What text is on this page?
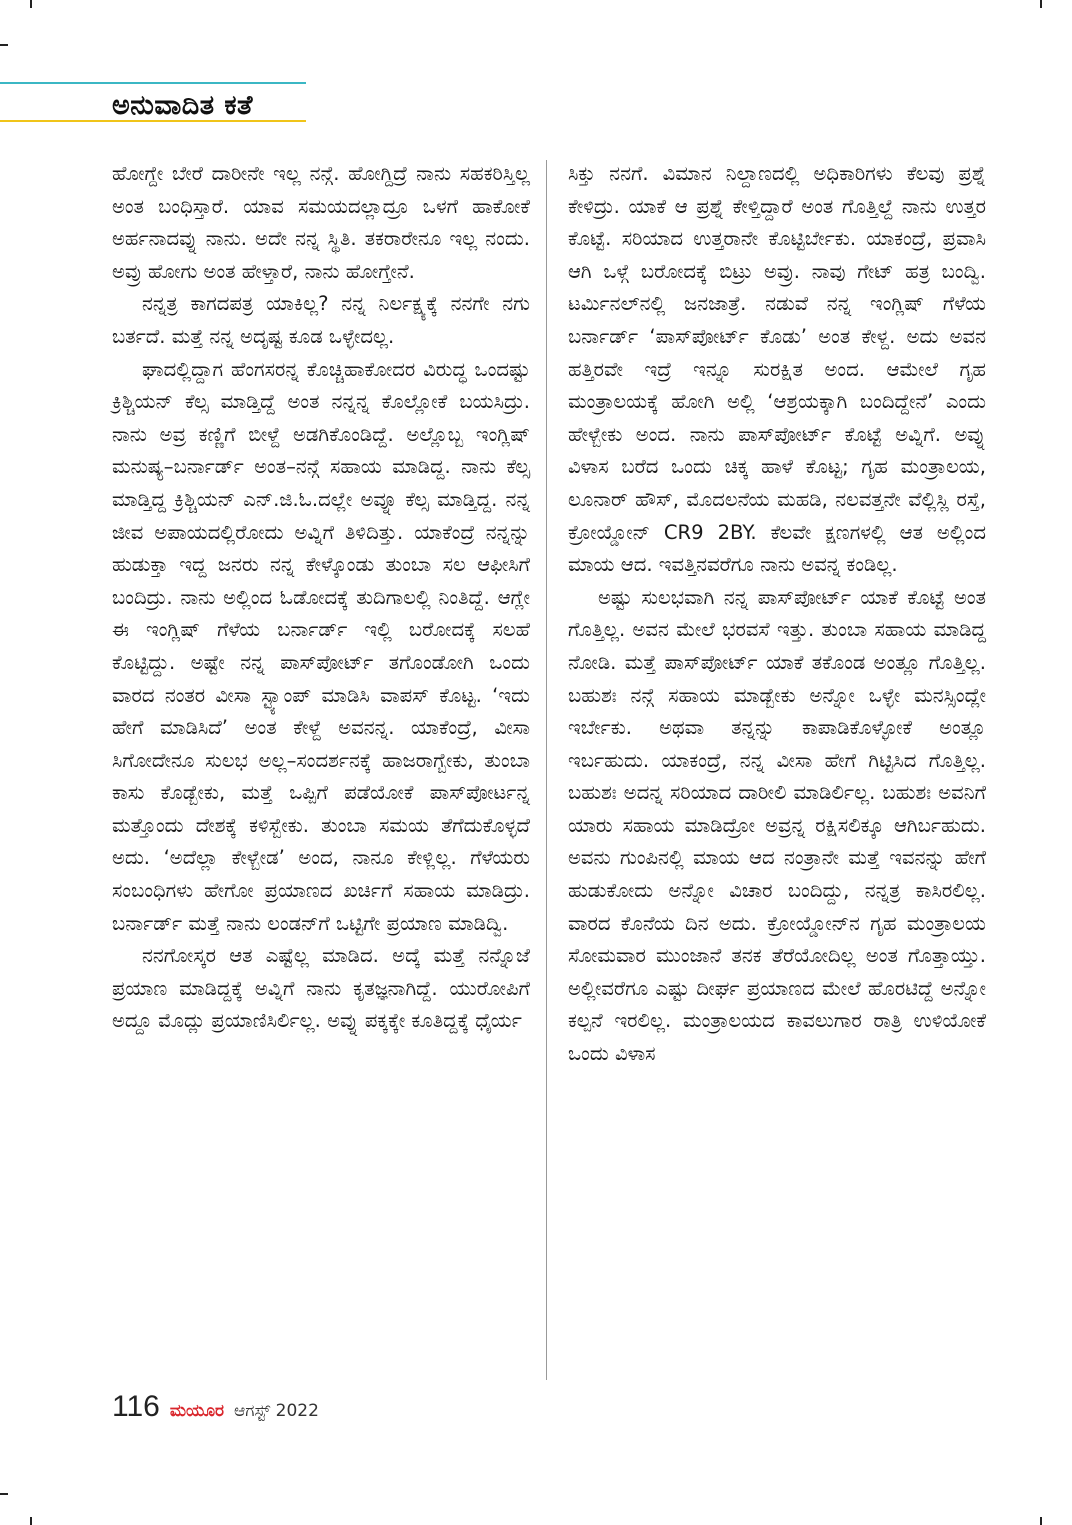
ಅನುವಾದಿತ ಕತೆ

ಹೋಗ್ದೇ ಬೇರೆ ದಾರೀನೇ ಇಲ್ಲ ನನ್ಗೆ. ಹೋಗ್ದಿದ್ರೆ ನಾನು ಸಹಕರಿಸ್ತಿಲ್ಲ ಅಂತ ಬಂಧಿಸ್ತಾರೆ. ಯಾವ ಸಮಯದಲ್ಲಾದ್ರೂ ಒಳಗೆ ಹಾಕೋಕೆ ಅರ್ಹನಾದವ್ನು ನಾನು. ಅದೇ ನನ್ನ ಸ್ಥಿತಿ. ತಕರಾರೇನೂ ಇಲ್ಲ ನಂದು. ಅವ್ರು ಹೋಗು ಅಂತ ಹೇಳ್ತಾರೆ, ನಾನು ಹೋಗ್ತೇನೆ.

ನನ್ನತ್ರ ಕಾಗದಪತ್ರ ಯಾಕಿಲ್ಲ? ನನ್ನ ನಿರ್ಲಕ್ಷ್ಯಕ್ಕೆ ನನಗೇ ನಗು ಬರ್ತದೆ. ಮತ್ತೆ ನನ್ನ ಅದೃಷ್ಟ ಕೂಡ ಒಳ್ಳೇದಲ್ಲ.

ಘಾದಲ್ಲಿದ್ದಾಗ ಹೆಂಗಸರನ್ನ ಕೊಚ್ಚಿಹಾಕೋದರ ವಿರುದ್ಧ ಒಂದಷ್ಟು ಕ್ರಿಶ್ಚಿಯನ್ ಕೆಲ್ಸ ಮಾಡ್ತಿದ್ದೆ ಅಂತ ನನ್ನನ್ನ ಕೊಲ್ಲೋಕೆ ಬಯಸಿದ್ರು. ನಾನು ಅವ್ರ ಕಣ್ಣಿಗೆ ಬೀಳ್ದೆ ಅಡಗಿಕೊಂಡಿದ್ದೆ. ಅಲ್ಲೊಬ್ಬ ಇಂಗ್ಲಿಷ್ ಮನುಷ್ಯ–ಬರ್ನಾರ್ಡ್ ಅಂತ–ನನ್ಗೆ ಸಹಾಯ ಮಾಡಿದ್ದ. ನಾನು ಕೆಲ್ಸ ಮಾಡ್ತಿದ್ದ ಕ್ರಿಶ್ಚಿಯನ್ ಎನ್.ಜಿ.ಓ.ದಲ್ಲೇ ಅವ್ನೂ ಕೆಲ್ಸ ಮಾಡ್ತಿದ್ದ. ನನ್ನ ಜೀವ ಅಪಾಯದಲ್ಲಿರೋದು ಅವ್ನಿಗೆ ತಿಳಿದಿತ್ತು. ಯಾಕೆಂದ್ರೆ ನನ್ನನ್ನು ಹುಡುಕ್ತಾ ಇದ್ದ ಜನರು ನನ್ನ ಕೇಳ್ಕೊಂಡು ತುಂಬಾ ಸಲ ಆಫೀಸಿಗೆ ಬಂದಿದ್ರು. ನಾನು ಅಲ್ಲಿಂದ ಓಡೋದಕ್ಕೆ ತುದಿಗಾಲಲ್ಲಿ ನಿಂತಿದ್ದೆ. ಆಗ್ಲೇ ಈ ಇಂಗ್ಲಿಷ್ ಗೆಳೆಯ ಬರ್ನಾರ್ಡ್ ಇಲ್ಲಿ ಬರೋದಕ್ಕೆ ಸಲಹೆ ಕೊಟ್ಟಿದ್ದು. ಅಷ್ಟೇ ನನ್ನ ಪಾಸ್‌ಪೋರ್ಟ್ ತಗೊಂಡೋಗಿ ಒಂದು ವಾರದ ನಂತರ ವೀಸಾ ಸ್ಟ್ಯಾಂಪ್ ಮಾಡಿಸಿ ವಾಪಸ್ ಕೊಟ್ಟ. ‘ಇದು ಹೇಗೆ ಮಾಡಿಸಿದೆ’ ಅಂತ ಕೇಳ್ದೆ ಅವನನ್ನ. ಯಾಕೆಂದ್ರೆ, ವೀಸಾ ಸಿಗೋದೇನೂ ಸುಲಭ ಅಲ್ಲ–ಸಂದರ್ಶನಕ್ಕೆ ಹಾಜರಾಗ್ಬೇಕು, ತುಂಬಾ ಕಾಸು ಕೊಡ್ಬೇಕು, ಮತ್ತೆ ಒಪ್ಪಿಗೆ ಪಡೆಯೋಕೆ ಪಾಸ್‌ಪೋರ್ಟನ್ನ ಮತ್ತೊಂದು ದೇಶಕ್ಕೆ ಕಳಿಸ್ಬೇಕು. ತುಂಬಾ ಸಮಯ ತೆಗೆದುಕೊಳ್ಳದೆ ಅದು. ‘ಅದೆಲ್ಲಾ ಕೇಳ್ಬೇಡ’ ಅಂದ, ನಾನೂ ಕೇಳ್ಲಿಲ್ಲ. ಗೆಳೆಯರು ಸಂಬಂಧಿಗಳು ಹೇಗೋ ಪ್ರಯಾಣದ ಖರ್ಚಿಗೆ ಸಹಾಯ ಮಾಡಿದ್ರು. ಬರ್ನಾರ್ಡ್ ಮತ್ತೆ ನಾನು ಲಂಡನ್‌ಗೆ ಒಟ್ಟಿಗೇ ಪ್ರಯಾಣ ಮಾಡಿದ್ವಿ.

ನನಗೋಸ್ಕರ ಆತ ಎಷ್ಟೆಲ್ಲ ಮಾಡಿದ. ಅದ್ಕೆ ಮತ್ತೆ ನನ್ನೊಜೆ ಪ್ರಯಾಣ ಮಾಡಿದ್ದಕ್ಕೆ ಅವ್ನಿಗೆ ನಾನು ಕೃತಜ್ಞನಾಗಿದ್ದೆ. ಯುರೋಪಿಗೆ ಅದ್ದೂ ಮೊದ್ಲು ಪ್ರಯಾಣಿಸಿರ್ಲಿಲ್ಲ. ಅವ್ನು ಪಕ್ಕಕ್ಕೇ ಕೂತಿದ್ದಕ್ಕೆ ಧೈರ್ಯ

ಸಿಕ್ತು ನನಗೆ. ವಿಮಾನ ನಿಲ್ದಾಣದಲ್ಲಿ ಅಧಿಕಾರಿಗಳು ಕೆಲವು ಪ್ರಶ್ನೆ ಕೇಳಿದ್ರು. ಯಾಕೆ ಆ ಪ್ರಶ್ನೆ ಕೇಳ್ತಿದ್ದಾರೆ ಅಂತ ಗೊತ್ತಿಲ್ದೆ ನಾನು ಉತ್ತರ ಕೊಟ್ಟೆ. ಸರಿಯಾದ ಉತ್ತರಾನೇ ಕೊಟ್ಟಿರ್ಬೇಕು. ಯಾಕಂದ್ರೆ, ಪ್ರವಾಸಿ ಆಗಿ ಒಳ್ಗೆ ಬರೋದಕ್ಕೆ ಬಿಟ್ರು ಅವ್ರು. ನಾವು ಗೇಟ್ ಹತ್ರ ಬಂದ್ವಿ. ಟರ್ಮಿನಲ್‌ನಲ್ಲಿ ಜನಜಾತ್ರೆ. ನಡುವೆ ನನ್ನ ಇಂಗ್ಲಿಷ್ ಗೆಳೆಯ ಬರ್ನಾರ್ಡ್ ‘ಪಾಸ್‌ಪೋರ್ಟ್ ಕೊಡು’ ಅಂತ ಕೇಳ್ದ. ಅದು ಅವನ ಹತ್ತಿರವೇ ಇದ್ರೆ ಇನ್ನೂ ಸುರಕ್ಷಿತ ಅಂದ. ಆಮೇಲೆ ಗೃಹ ಮಂತ್ರಾಲಯಕ್ಕೆ ಹೋಗಿ ಅಲ್ಲಿ ‘ಆಶ್ರಯಕ್ಕಾಗಿ ಬಂದಿದ್ದೇನೆ’ ಎಂದು ಹೇಳ್ಬೇಕು ಅಂದ. ನಾನು ಪಾಸ್‌ಪೋರ್ಟ್ ಕೊಟ್ಟೆ ಅವ್ನಿಗೆ. ಅವ್ನು ವಿಳಾಸ ಬರೆದ ಒಂದು ಚಿಕ್ಕ ಹಾಳೆ ಕೊಟ್ಟ; ಗೃಹ ಮಂತ್ರಾಲಯ, ಲೂನಾರ್ ಹೌಸ್, ಮೊದಲನೆಯ ಮಹಡಿ, ನಲವತ್ತನೇ ವೆಲ್ಲಿಸ್ಲಿ ರಸ್ತೆ, ಕ್ರೋಯ್ಡೋನ್ CR9 2BY. ಕೆಲವೇ ಕ್ಷಣಗಳಲ್ಲಿ ಆತ ಅಲ್ಲಿಂದ ಮಾಯ ಆದ. ಇವತ್ತಿನವರೆಗೂ ನಾನು ಅವನ್ನ ಕಂಡಿಲ್ಲ.

ಅಷ್ಟು ಸುಲಭವಾಗಿ ನನ್ನ ಪಾಸ್‌ಪೋರ್ಟ್ ಯಾಕೆ ಕೊಟ್ಟೆ ಅಂತ ಗೊತ್ತಿಲ್ಲ. ಅವನ ಮೇಲೆ ಭರವಸೆ ಇತ್ತು. ತುಂಬಾ ಸಹಾಯ ಮಾಡಿದ್ದ ನೋಡಿ. ಮತ್ತೆ ಪಾಸ್‌ಪೋರ್ಟ್ ಯಾಕೆ ತಕೊಂಡ ಅಂತ್ಲೂ ಗೊತ್ತಿಲ್ಲ. ಬಹುಶಃ ನನ್ಗೆ ಸಹಾಯ ಮಾಡ್ಬೇಕು ಅನ್ನೋ ಒಳ್ಳೇ ಮನಸ್ಸಿಂದ್ಲೇ ಇರ್ಬೇಕು. ಅಥವಾ ತನ್ನನ್ನು ಕಾಪಾಡಿಕೊಳ್ಳೋಕೆ ಅಂತ್ಲೂ ಇರ್ಬಹುದು. ಯಾಕಂದ್ರೆ, ನನ್ನ ವೀಸಾ ಹೇಗೆ ಗಿಟ್ಟಿಸಿದ ಗೊತ್ತಿಲ್ಲ. ಬಹುಶಃ ಅದನ್ನ ಸರಿಯಾದ ದಾರೀಲಿ ಮಾಡಿರ್ಲಿಲ್ಲ. ಬಹುಶಃ ಅವನಿಗೆ ಯಾರು ಸಹಾಯ ಮಾಡಿದ್ರೋ ಅವ್ರನ್ನ ರಕ್ಷಿಸಲಿಕ್ಕೂ ಆಗಿರ್ಬಹುದು. ಅವನು ಗುಂಪಿನಲ್ಲಿ ಮಾಯ ಆದ ನಂತ್ರಾನೇ ಮತ್ತೆ ಇವನನ್ನು ಹೇಗೆ ಹುಡುಕೋದು ಅನ್ನೋ ವಿಚಾರ ಬಂದಿದ್ದು, ನನ್ನತ್ರ ಕಾಸಿರಲಿಲ್ಲ. ವಾರದ ಕೊನೆಯ ದಿನ ಅದು. ಕ್ರೋಯ್ಡೋನ್‌ನ ಗೃಹ ಮಂತ್ರಾಲಯ ಸೋಮವಾರ ಮುಂಜಾನೆ ತನಕ ತೆರೆಯೋದಿಲ್ಲ ಅಂತ ಗೊತ್ತಾಯ್ತು. ಅಲ್ಲೀವರೆಗೂ ಎಷ್ಟು ದೀರ್ಘ ಪ್ರಯಾಣದ ಮೇಲೆ ಹೊರಟಿದ್ದೆ ಅನ್ನೋ ಕಲ್ಪನೆ ಇರಲಿಲ್ಲ. ಮಂತ್ರಾಲಯದ ಕಾವಲುಗಾರ ರಾತ್ರಿ ಉಳಿಯೋಕೆ ಒಂದು ವಿಳಾಸ

116 ಮಯೂರ ಆಗಸ್ಟ್ 2022
